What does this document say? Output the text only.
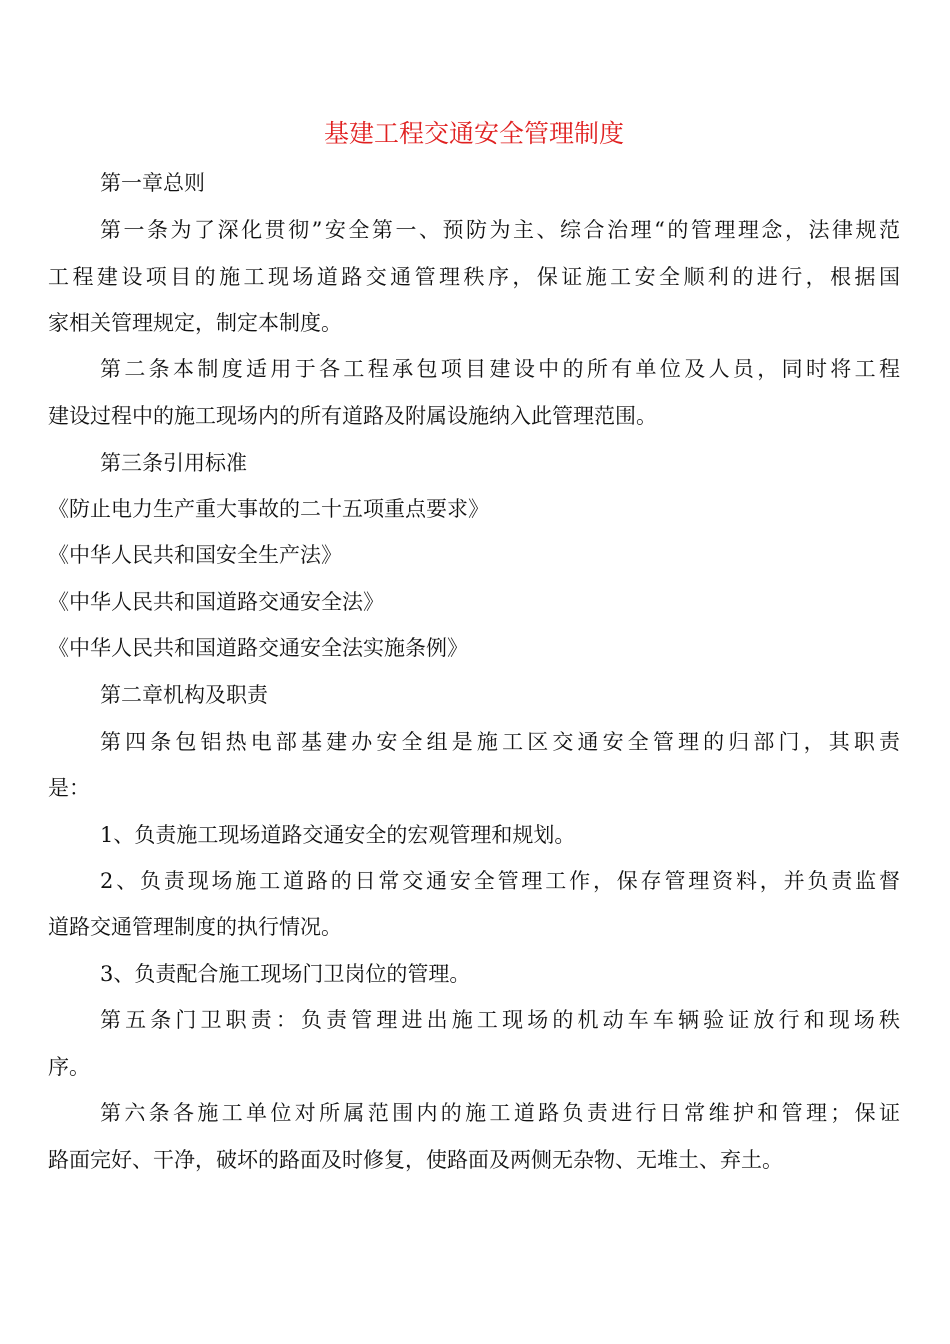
基建工程交通安全管理制度
第一章总则
第一条为了深化贯彻”安全第一、预防为主、综合治理“的管理理念，法律规范
工程建设项目的施工现场道路交通管理秩序，保证施工安全顺利的进行，根据国
家相关管理规定，制定本制度。
第二条本制度适用于各工程承包项目建设中的所有单位及人员，同时将工程
建设过程中的施工现场内的所有道路及附属设施纳入此管理范围。
第三条引用标准
《防止电力生产重大事故的二十五项重点要求》
《中华人民共和国安全生产法》
《中华人民共和国道路交通安全法》
《中华人民共和国道路交通安全法实施条例》
第二章机构及职责
第四条包铝热电部基建办安全组是施工区交通安全管理的归部门，其职责
是：
1、负责施工现场道路交通安全的宏观管理和规划。
2、负责现场施工道路的日常交通安全管理工作，保存管理资料，并负责监督
道路交通管理制度的执行情况。
3、负责配合施工现场门卫岗位的管理。
第五条门卫职责：负责管理进出施工现场的机动车车辆验证放行和现场秩
序。
第六条各施工单位对所属范围内的施工道路负责进行日常维护和管理；保证
路面完好、干净，破坏的路面及时修复，使路面及两侧无杂物、无堆土、弃土。
